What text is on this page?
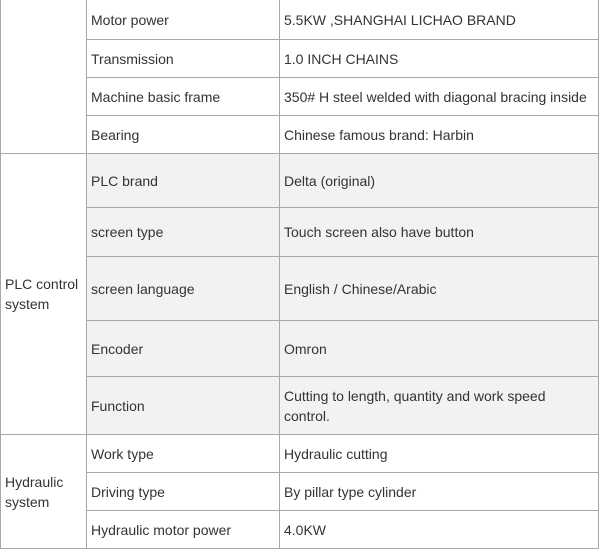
	Motor power	5.5KW ,SHANGHAI LICHAO BRAND
	Transmission	1.0 INCH CHAINS
	Machine basic frame	350# H steel welded with diagonal bracing inside
	Bearing	Chinese famous brand: Harbin
PLC control system	PLC brand	Delta (original)
	screen type	Touch screen also have button
	screen language	English / Chinese/Arabic
	Encoder	Omron
	Function	Cutting to length, quantity and work speed control.
Hydraulic system	Work type	Hydraulic cutting
	Driving type	By pillar type cylinder
	Hydraulic motor power	4.0KW
